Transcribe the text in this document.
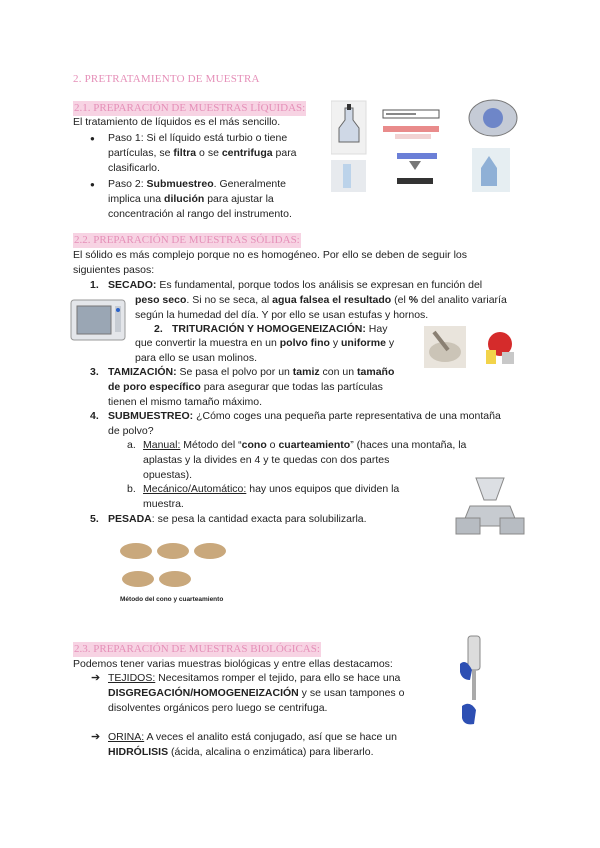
2. PRETRATAMIENTO DE MUESTRA
2.1. PREPARACIÓN DE MUESTRAS LÍQUIDAS:

El tratamiento de líquidos es el más sencillo.

● Paso 1: Si el líquido está turbio o tiene

partículas, se filtra o se centrifuga para

clasificarlo.

● Paso 2: Submuestreo. Generalmente

implica una dilución para ajustar la

concentración al rango del instrumento.

2.2. PREPARACIÓN DE MUESTRAS SÓLIDAS:

El sólido es más complejo porque no es homogéneo. Por ello se deben de seguir los

siguientes pasos:

1. SECADO: Es fundamental, porque todos los análisis se expresan en función del

peso seco. Si no se seca, al agua falsea el resultado (el % del analito variaría

según la humedad del día. Y por ello se usan estufas y hornos.

2. TRITURACIÓN Y HOMOGENEIZACIÓN: Hay

que convertir la muestra en un polvo fino y uniforme y

para ello se usan molinos.

3. TAMIZACIÓN: Se pasa el polvo por un tamiz con un tamaño

de poro específico para asegurar que todas las partículas

tienen el mismo tamaño máximo.

4. SUBMUESTREO: ¿Cómo coges una pequeña parte representativa de una montaña

de polvo?

a. Manual: Método del “cono o cuarteamiento” (haces una montaña, la

aplastas y la divides en 4 y te quedas con dos partes

opuestas).

b. Mecánico/Automático: hay unos equipos que dividen la

muestra.

5. PESADA: se pesa la cantidad exacta para solubilizarla.

Método del cono y cuarteamiento
2.3. PREPARACIÓN DE MUESTRAS BIOLÓGICAS:

Podemos tener varias muestras biológicas y entre ellas destacamos:

➔ TEJIDOS: Necesitamos romper el tejido, para ello se hace una

DISGREGACIÓN/HOMOGENEIZACIÓN y se usan tampones o

disolventes orgánicos pero luego se centrifuga.

➔ ORINA: A veces el analito está conjugado, así que se hace un

HIDRÓLISIS (ácida, alcalina o enzimática) para liberarlo.
